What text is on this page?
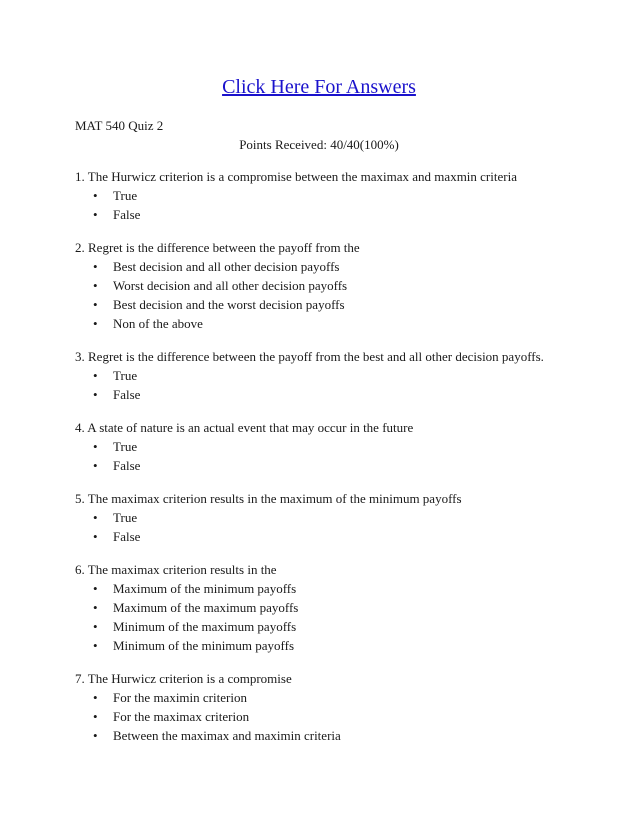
Click Here For Answers
MAT 540 Quiz 2
Points Received: 40/40(100%)
1. The Hurwicz criterion is a compromise between the maximax and maxmin criteria
• True
• False
2. Regret is the difference between the payoff from the
• Best decision and all other decision payoffs
• Worst decision and all other decision payoffs
• Best decision and the worst decision payoffs
• Non of the above
3. Regret is the difference between the payoff from the best and all other decision payoffs.
• True
• False
4. A state of nature is an actual event that may occur in the future
• True
• False
5. The maximax criterion results in the maximum of the minimum payoffs
• True
• False
6. The maximax criterion results in the
• Maximum of the minimum payoffs
• Maximum of the maximum payoffs
• Minimum of the maximum payoffs
• Minimum of the minimum payoffs
7. The Hurwicz criterion is a compromise
• For the maximin criterion
• For the maximax criterion
• Between the maximax and maximin criteria
